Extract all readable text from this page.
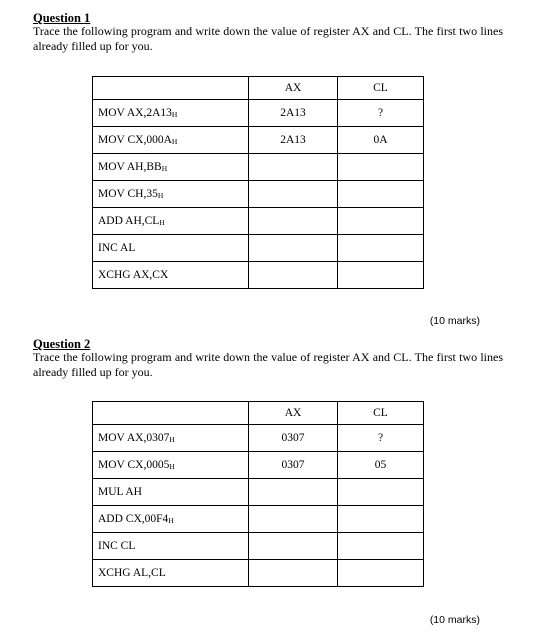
Question 1

Trace the following program and write down the value of register AX and CL. The first two lines already filled up for you.

	AX	CL
MOV $AX,2A13_H$	2A13	?
MOV $CX,000A_H$	2A13	0A
MOV $AH,BB_H$		
MOV $CH,35_H$		
ADD $AH,CL_H$		
INC AL		
XCHG AX,CX		
(10 marks)

Question 2

Trace the following program and write down the value of register AX and CL. The first two lines already filled up for you.

	AX	CL
MOV $AX,0307_H$	0307	?
MOV $CX,0005_H$	0307	05
MUL AH		
ADD $CX,00F4_H$		
INC CL		
XCHG AL,CL		
(10 marks)
